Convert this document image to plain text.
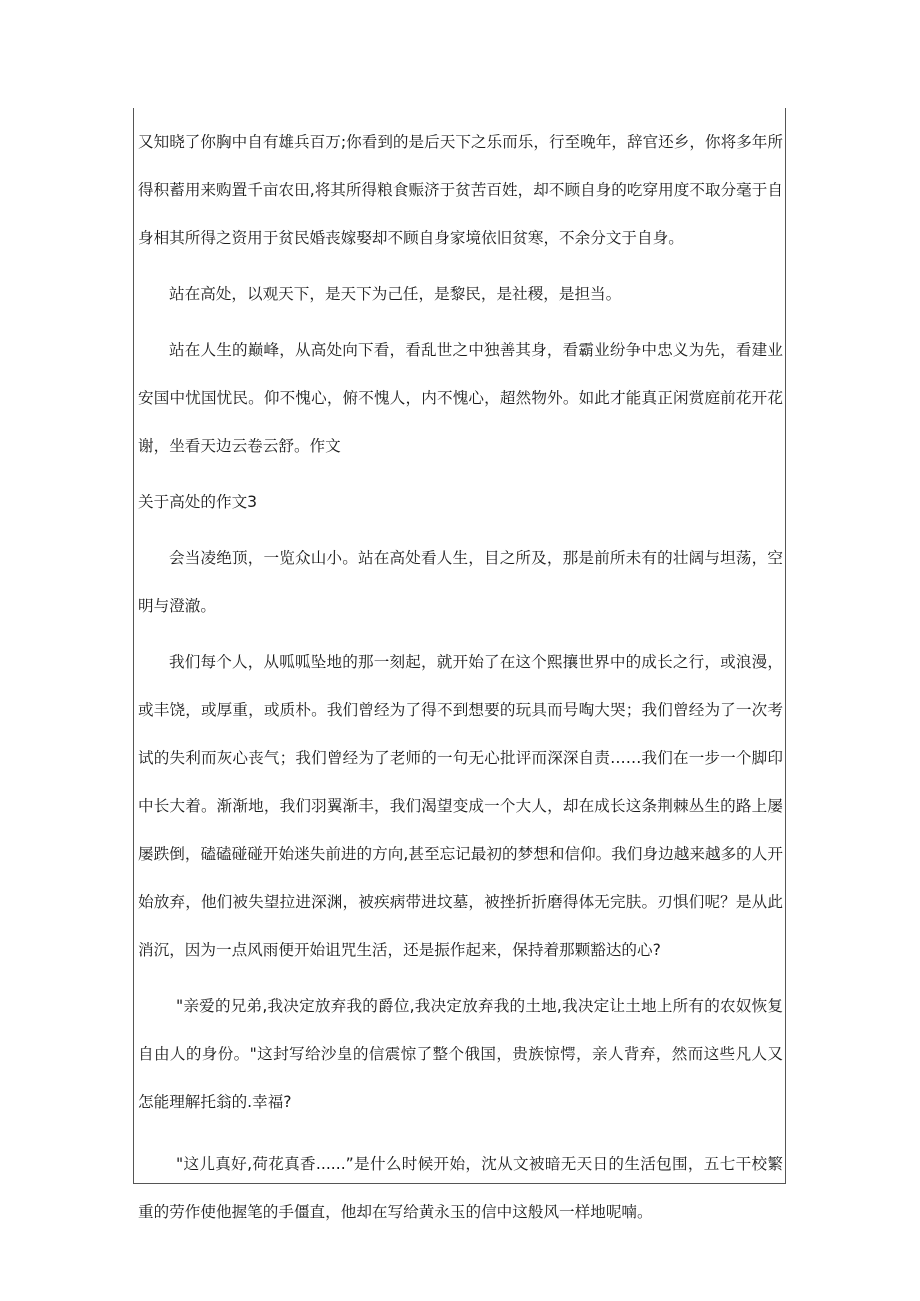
又知晓了你胸中自有雄兵百万;你看到的是后天下之乐而乐，行至晚年，辞官还乡，你将多年所得积蓄用来购置千亩农田,将其所得粮食赈济于贫苦百姓，却不顾自身的吃穿用度不取分毫于自身相其所得之资用于贫民婚丧嫁娶却不顾自身家境依旧贫寒，不余分文于自身。

站在高处，以观天下，是天下为己任，是黎民，是社稷，是担当。

站在人生的巅峰，从高处向下看，看乱世之中独善其身，看霸业纷争中忠义为先，看建业安国中忧国忧民。仰不愧心，俯不愧人，内不愧心，超然物外。如此才能真正闲赏庭前花开花谢，坐看天边云卷云舒。作文

关于高处的作文3

会当凌绝顶，一览众山小。站在高处看人生，目之所及，那是前所未有的壮阔与坦荡，空明与澄澈。

我们每个人，从呱呱坠地的那一刻起，就开始了在这个熙攘世界中的成长之行，或浪漫，或丰饶，或厚重，或质朴。我们曾经为了得不到想要的玩具而号啕大哭；我们曾经为了一次考试的失利而灰心丧气；我们曾经为了老师的一句无心批评而深深自责……我们在一步一个脚印中长大着。渐渐地，我们羽翼渐丰，我们渴望变成一个大人，却在成长这条荆棘丛生的路上屡屡跌倒，磕磕碰碰开始迷失前进的方向,甚至忘记最初的梦想和信仰。我们身边越来越多的人开始放弃，他们被失望拉进深渊，被疾病带进坟墓，被挫折折磨得体无完肤。刃惧们呢？是从此消沉，因为一点风雨便开始诅咒生活，还是振作起来，保持着那颗豁达的心?

"亲爱的兄弟,我决定放弃我的爵位,我决定放弃我的土地,我决定让土地上所有的农奴恢复自由人的身份。"这封写给沙皇的信震惊了整个俄国，贵族惊愕，亲人背弃，然而这些凡人又怎能理解托翁的.幸福?

"这儿真好,荷花真香......”是什么时候开始，沈从文被暗无天日的生活包围，五七干校繁重的劳作使他握笔的手僵直，他却在写给黄永玉的信中这般风一样地呢喃。
